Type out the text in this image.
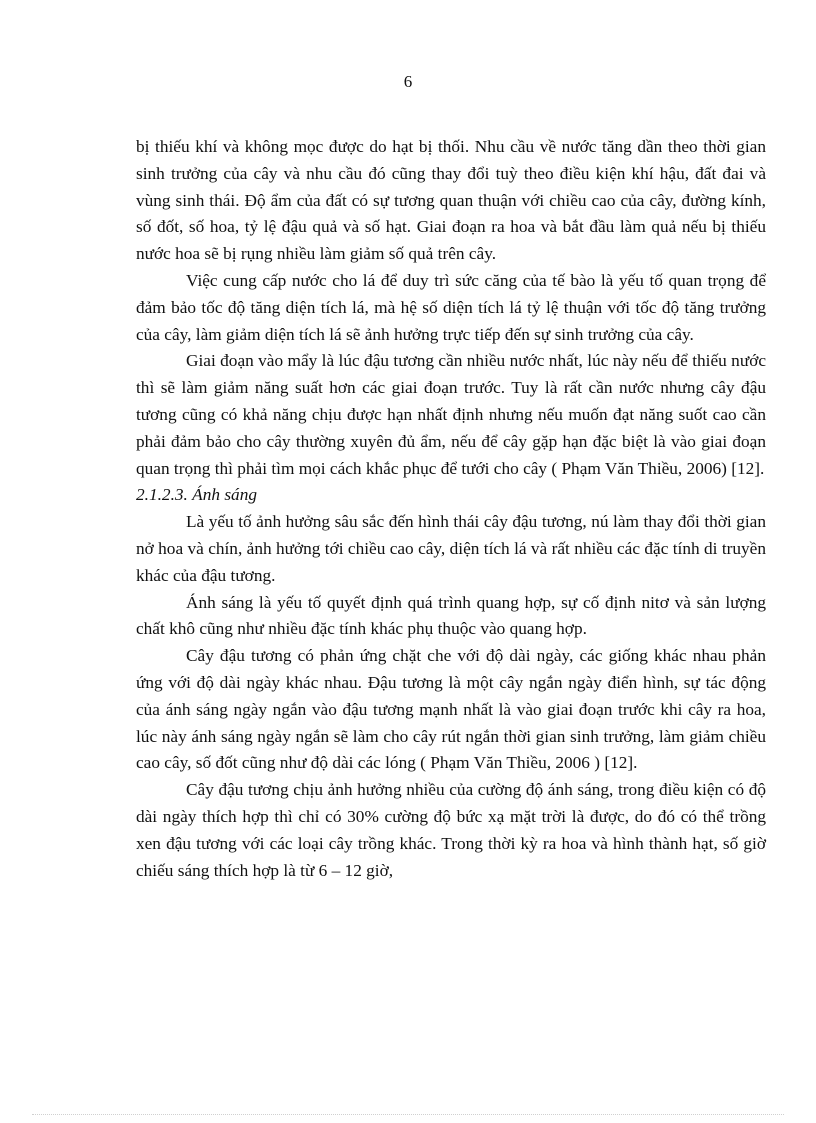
6

bị thiếu khí và không mọc được do hạt bị thối. Nhu cầu về nước tăng dần theo thời gian sinh trưởng của cây và nhu cầu đó cũng thay đổi tuỳ theo điều kiện khí hậu, đất đai và vùng sinh thái. Độ ẩm của đất có sự tương quan thuận với chiều cao của cây, đường kính, số đốt, số hoa, tỷ lệ đậu quả và số hạt. Giai đoạn ra hoa và bắt đầu làm quả nếu bị thiếu nước hoa sẽ bị rụng nhiều làm giảm số quả trên cây.

Việc cung cấp nước cho lá để duy trì sức căng của tế bào là yếu tố quan trọng để đảm bảo tốc độ tăng diện tích lá, mà hệ số diện tích lá tỷ lệ thuận với tốc độ tăng trưởng của cây, làm giảm diện tích lá sẽ ảnh hưởng trực tiếp đến sự sinh trưởng của cây.

Giai đoạn vào mẩy là lúc đậu tương cần nhiều nước nhất, lúc này nếu để thiếu nước thì sẽ làm giảm năng suất hơn các giai đoạn trước. Tuy là rất cần nước nhưng cây đậu tương cũng có khả năng chịu được hạn nhất định nhưng nếu muốn đạt năng suốt cao cần phải đảm bảo cho cây thường xuyên đủ ẩm, nếu để cây gặp hạn đặc biệt là vào giai đoạn quan trọng thì phải tìm mọi cách khắc phục để tưới cho cây ( Phạm Văn Thiều, 2006) [12].

2.1.2.3. Ánh sáng

Là yếu tố ảnh hưởng sâu sắc đến hình thái cây đậu tương, nú làm thay đổi thời gian nở hoa và chín, ảnh hưởng tới chiều cao cây, diện tích lá và rất nhiều các đặc tính di truyền khác của đậu tương.

Ánh sáng là yếu tố quyết định quá trình quang hợp, sự cố định nitơ và sản lượng chất khô cũng như nhiều đặc tính khác phụ thuộc vào quang hợp.

Cây đậu tương có phản ứng chặt che với độ dài ngày, các giống khác nhau phản ứng với độ dài ngày khác nhau. Đậu tương là một cây ngắn ngày điển hình, sự tác động của ánh sáng ngày ngắn vào đậu tương mạnh nhất là vào giai đoạn trước khi cây ra hoa, lúc này ánh sáng ngày ngắn sẽ làm cho cây rút ngắn thời gian sinh trưởng, làm giảm chiều cao cây, số đốt cũng như độ dài các lóng ( Phạm Văn Thiều, 2006 ) [12].

Cây đậu tương chịu ảnh hưởng nhiều của cường độ ánh sáng, trong điều kiện có độ dài ngày thích hợp thì chỉ có 30% cường độ bức xạ mặt trời là được, do đó có thể trồng xen đậu tương với các loại cây trồng khác. Trong thời kỳ ra hoa và hình thành hạt, số giờ chiếu sáng thích hợp là từ 6 – 12 giờ,
